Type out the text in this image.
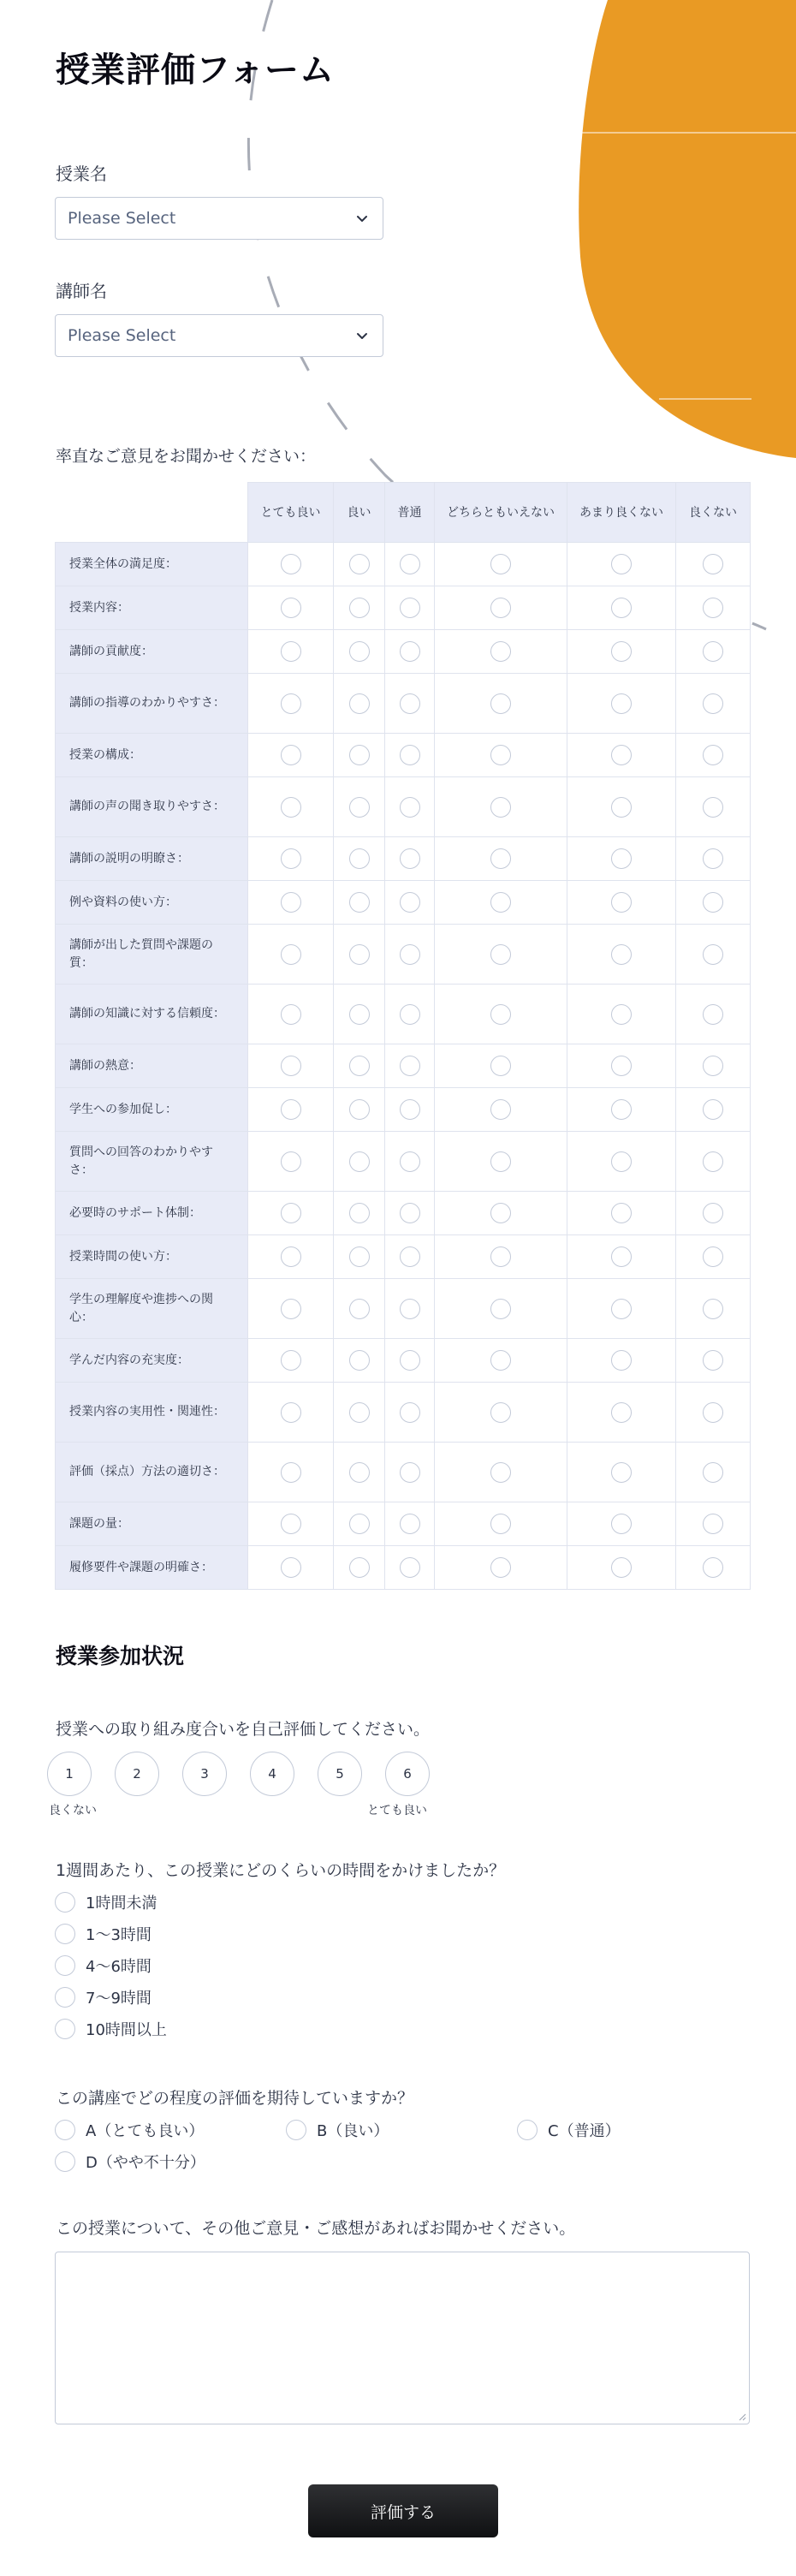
授業評価フォーム
授業名
Please Select
講師名
Please Select
率直なご意見をお聞かせください：
	とても良い	良い	普通	どちらともいえない	あまり良くない	良くない
授業全体の満足度：						
授業内容：						
講師の貢献度：						
講師の指導のわかりやすさ：						
授業の構成：						
講師の声の聞き取りやすさ：						
講師の説明の明瞭さ：						
例や資料の使い方：						
講師が出した質問や課題の質：						
講師の知識に対する信頼度：						
講師の熱意：						
学生への参加促し：						
質問への回答のわかりやすさ：						
必要時のサポート体制：						
授業時間の使い方：						
学生の理解度や進捗への関心：						
学んだ内容の充実度：						
授業内容の実用性・関連性：						
評価（採点）方法の適切さ：						
課題の量：						
履修要件や課題の明確さ：						
授業参加状況
授業への取り組み度合いを自己評価してください。
1	2	3	4	5	6
良くない	とても良い
1週間あたり、この授業にどのくらいの時間をかけましたか？
1時間未満
1〜3時間
4〜6時間
7〜9時間
10時間以上
この講座でどの程度の評価を期待していますか？
A（とても良い）	B（良い）	C（普通）
D（やや不十分）
この授業について、その他ご意見・ご感想があればお聞かせください。
評価する
